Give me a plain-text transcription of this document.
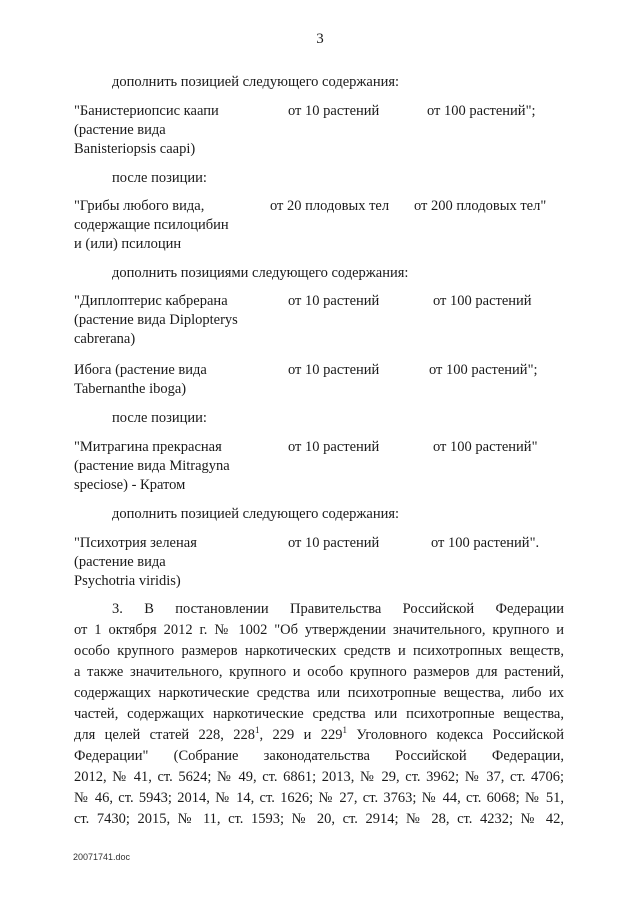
3
дополнить позицией следующего содержания:
"Банистериопсис каапи
(растение вида
Banisteriopsis caapi)
от 10 растений	от 100 растений";
после позиции:
"Грибы любого вида,
содержащие псилоцибин
и (или) псилоцин
от 20 плодовых тел от 200 плодовых тел"
дополнить позициями следующего содержания:
"Диплоптерис кабрерана
(растение вида Diplopterys
cabrerana)
от 10 растений	от 100 растений
Ибога (растение вида
Tabernanthe iboga)
от 10 растений	от 100 растений";
после позиции:
"Митрагина прекрасная
(растение вида Mitragyna
speciose) - Кратом
от 10 растений	от 100 растений"
дополнить позицией следующего содержания:
"Психотрия зеленая
(растение вида
Psychotria viridis)
от 10 растений	от 100 растений".
3. В постановлении Правительства Российской Федерации
от 1 октября 2012 г. № 1002 "Об утверждении значительного, крупного и
особо крупного размеров наркотических средств и психотропных веществ,
а также значительного, крупного и особо крупного размеров для растений,
содержащих наркотические средства или психотропные вещества, либо их
частей, содержащих наркотические средства или психотропные вещества,
для целей статей 228, $228^1$, 229 и $229^1$ Уголовного кодекса Российской
Федерации" (Собрание законодательства Российской Федерации,
2012, № 41, ст. 5624; № 49, ст. 6861; 2013, № 29, ст. 3962; № 37, ст. 4706;
№ 46, ст. 5943; 2014, № 14, ст. 1626; № 27, ст. 3763; № 44, ст. 6068; № 51,
ст. 7430; 2015, № 11, ст. 1593; № 20, ст. 2914; № 28, ст. 4232; № 42,
20071741.doc
